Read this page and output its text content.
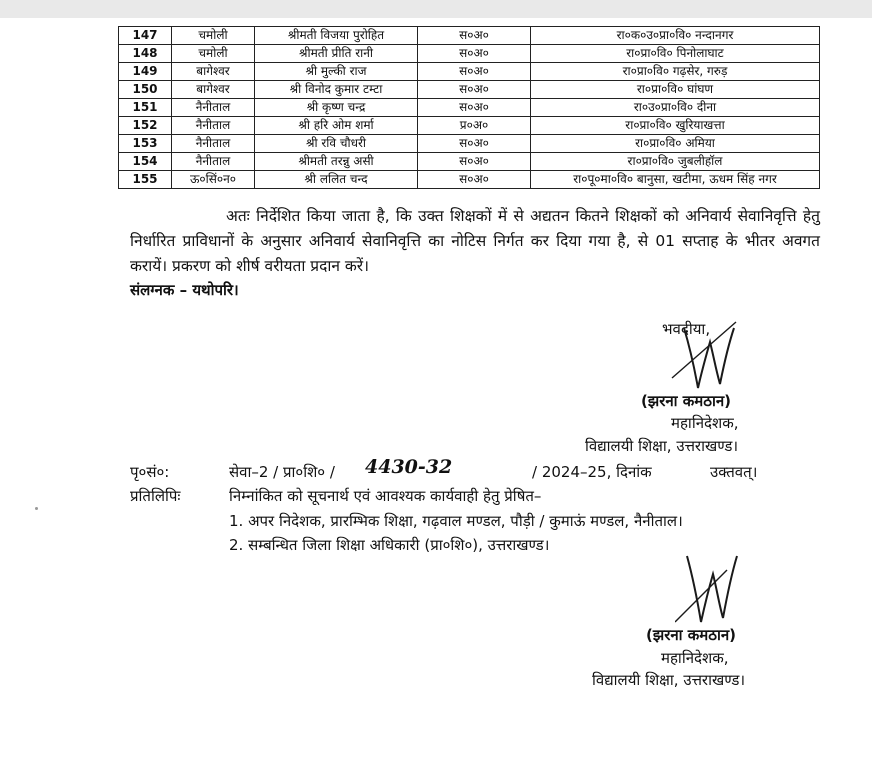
147	चमोली	श्रीमती विजया पुरोहित	स०अ०	रा०क०उ०प्रा०वि० नन्दानगर
148	चमोली	श्रीमती प्रीति रानी	स०अ०	रा०प्रा०वि० पिनोलाघाट
149	बागेश्वर	श्री मुल्की राज	स०अ०	रा०प्रा०वि० गढ़सेर, गरुड़
150	बागेश्वर	श्री विनोद कुमार टम्टा	स०अ०	रा०प्रा०वि० घांघण
151	नैनीताल	श्री कृष्ण चन्द्र	स०अ०	रा०उ०प्रा०वि० दीना
152	नैनीताल	श्री हरि ओम शर्मा	प्र०अ०	रा०प्रा०वि० खुरियाखत्ता
153	नैनीताल	श्री रवि चौधरी	स०अ०	रा०प्रा०वि० अमिया
154	नैनीताल	श्रीमती तरन्नु असी	स०अ०	रा०प्रा०वि० जुबलीहॉल
155	ऊ०सिं०न०	श्री ललित चन्द	स०अ०	रा०पू०मा०वि० बानुसा, खटीमा, ऊधम सिंह नगर
अतः निर्देशित किया जाता है, कि उक्त शिक्षकों में से अद्यतन कितने शिक्षकों को अनिवार्य सेवानिवृत्ति हेतु निर्धारित प्राविधानों के अनुसार अनिवार्य सेवानिवृत्ति का नोटिस निर्गत कर दिया गया है, से 01 सप्ताह के भीतर अवगत करायें। प्रकरण को शीर्ष वरीयता प्रदान करें।
संलग्नक – यथोपरि।
भवदीया,
(झरना कमठान)
महानिदेशक,
विद्यालयी शिक्षा, उत्तराखण्ड।
पृ०सं०:	सेवा–2 / प्रा०शि० / 4430-32	/ 2024–25, दिनांक	उक्तवत्।
प्रतिलिपिः	निम्नांकित को सूचनार्थ एवं आवश्यक कार्यवाही हेतु प्रेषित–
1. अपर निदेशक, प्रारम्भिक शिक्षा, गढ़वाल मण्डल, पौड़ी / कुमाऊं मण्डल, नैनीताल।
2. सम्बन्धित जिला शिक्षा अधिकारी (प्रा०शि०), उत्तराखण्ड।
(झरना कमठान)
महानिदेशक,
विद्यालयी शिक्षा, उत्तराखण्ड।
